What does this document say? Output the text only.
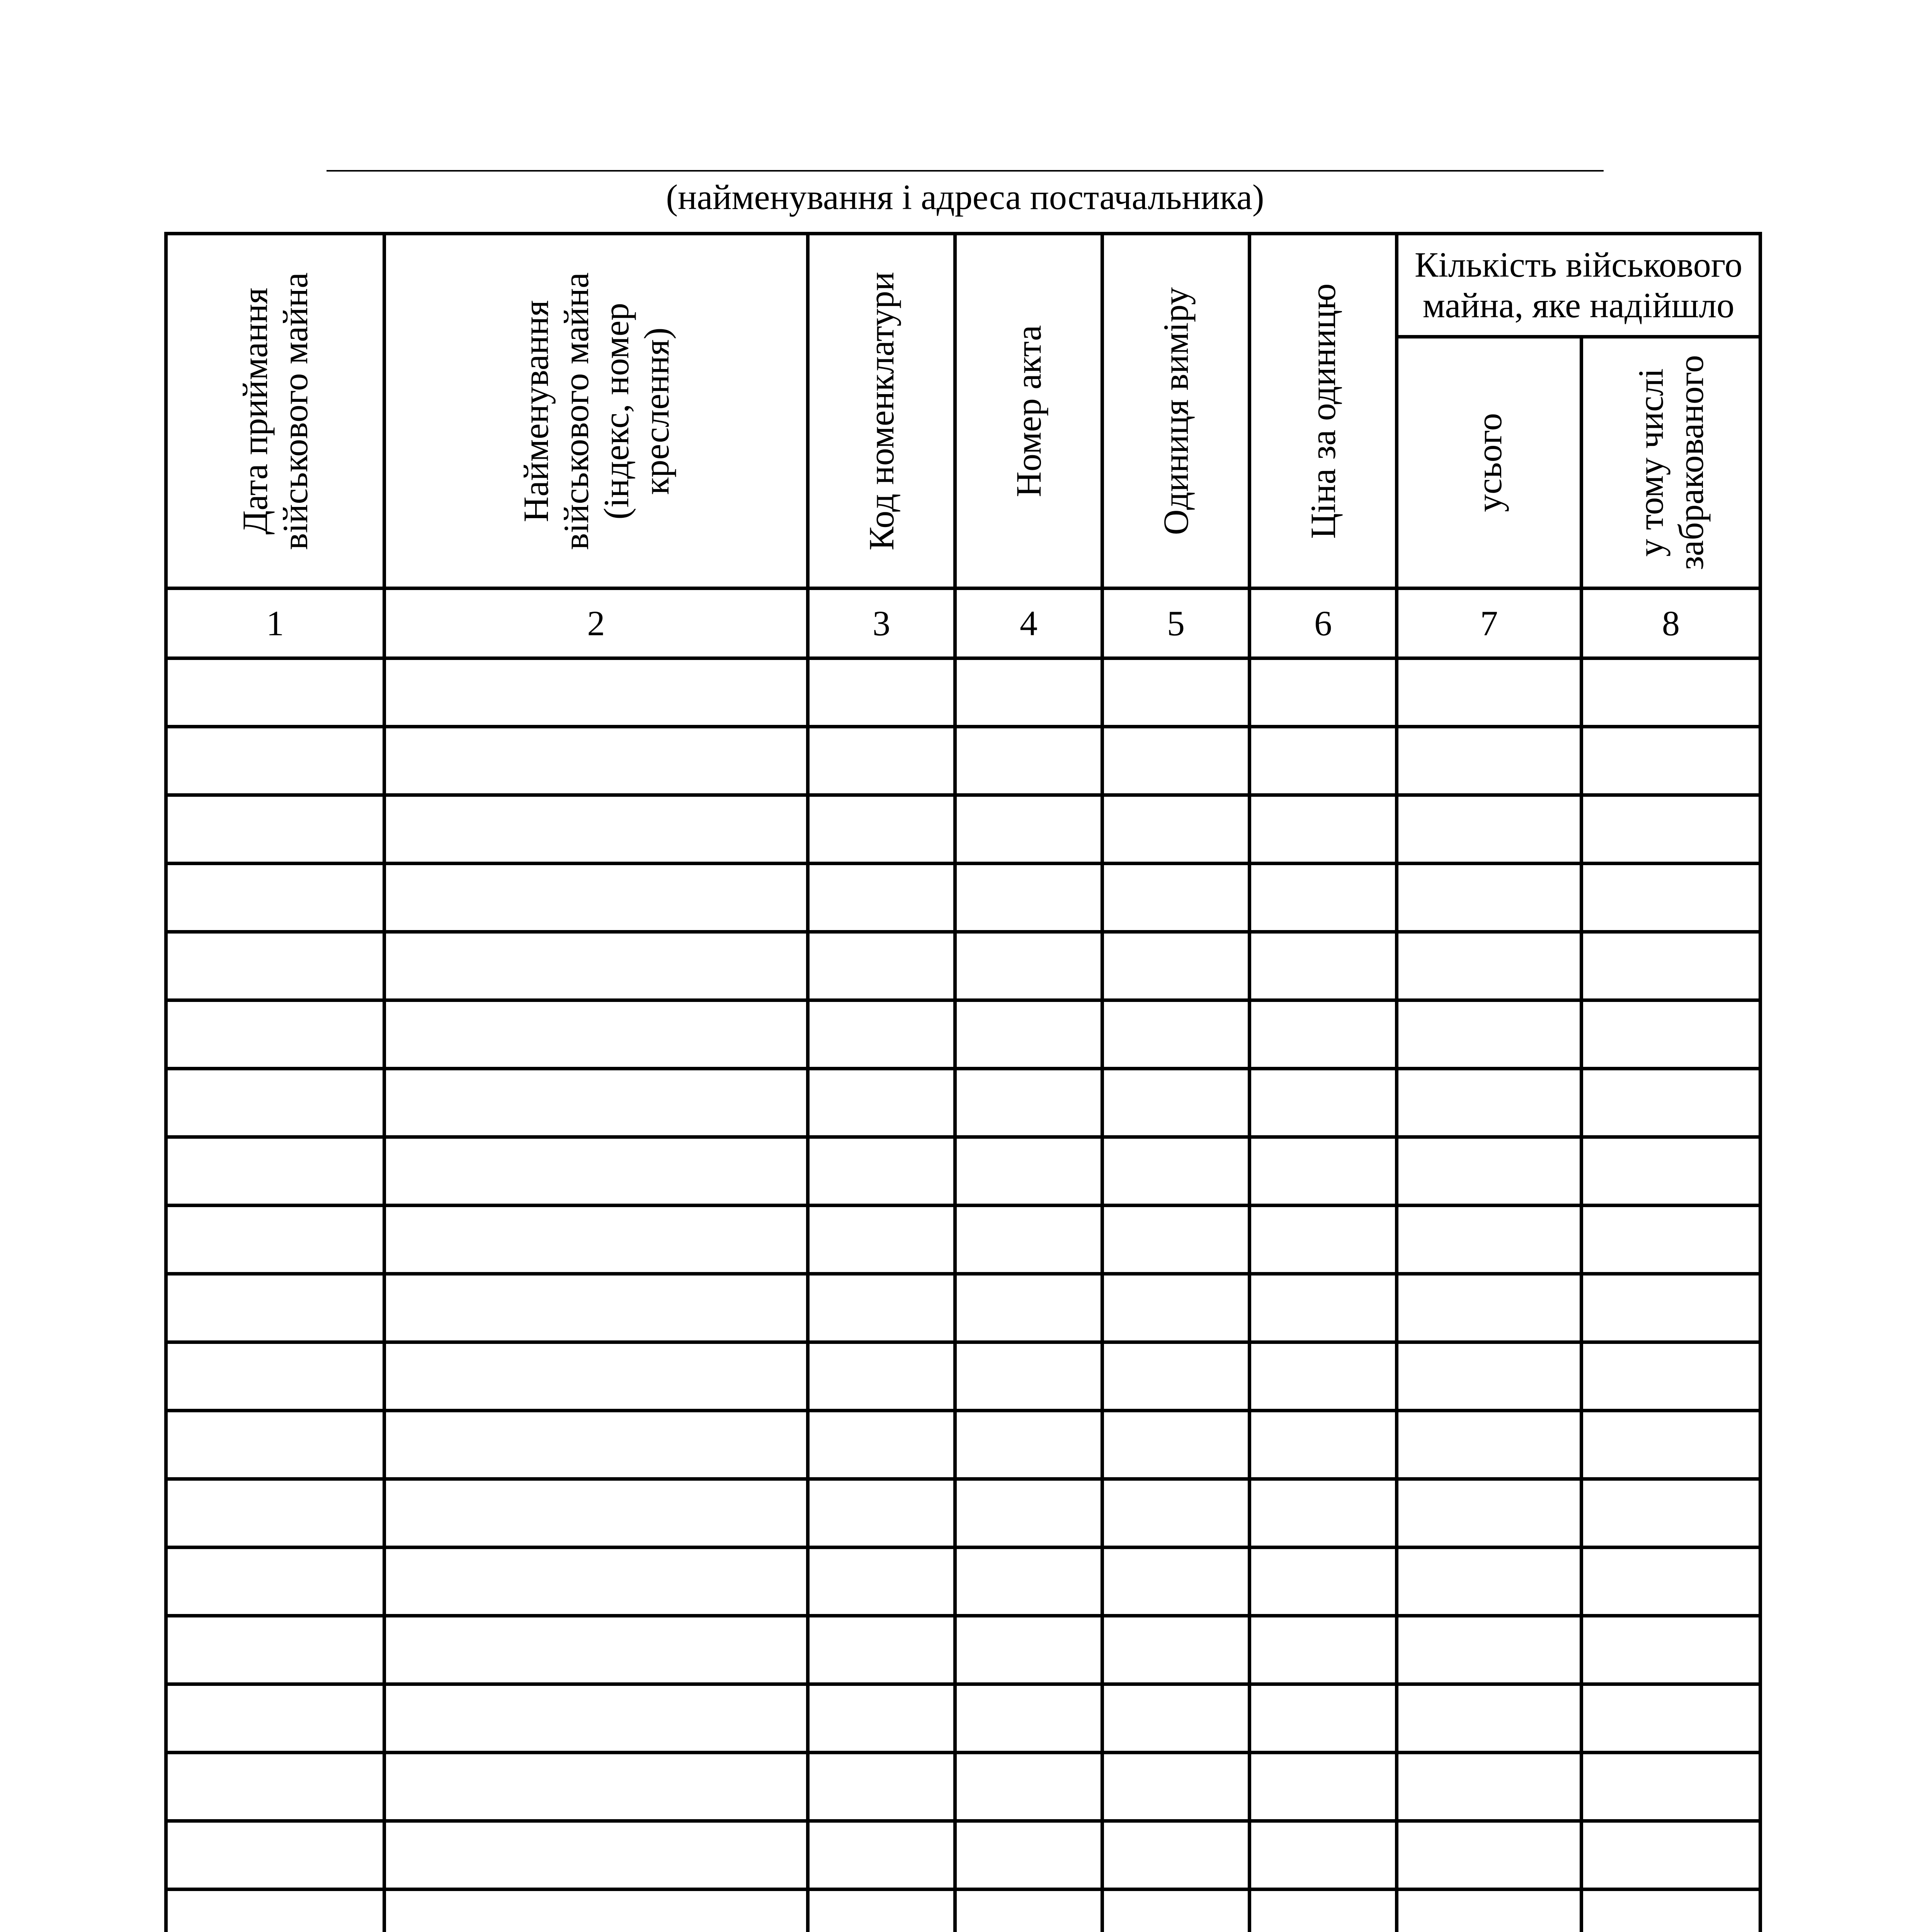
(найменування і адреса постачальника)
Дата приймання військового майна	Найменування військового майна (індекс, номер креслення)	Код номенклатури	Номер акта	Одиниця виміру	Ціна за одиницю	Кількість військового
майна, яке надійшло	

						усього	у тому числі забракованого

1	2	3	4	5	6	7	8
